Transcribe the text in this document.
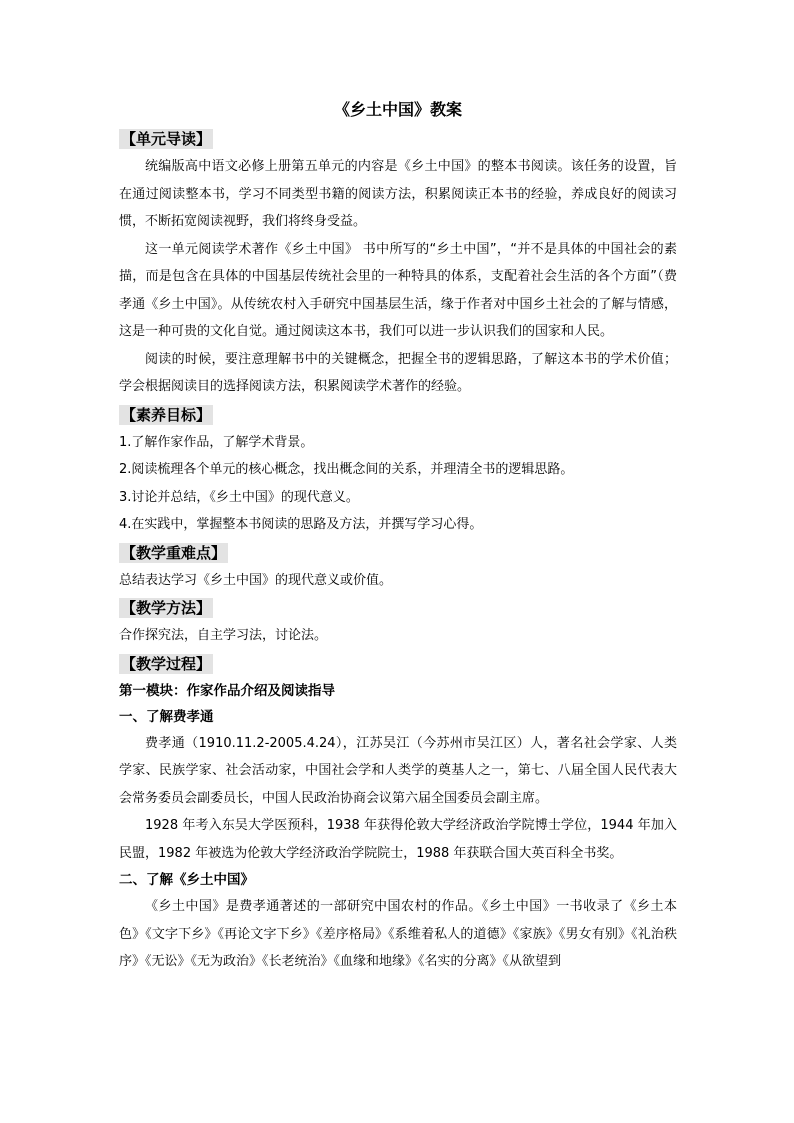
《乡土中国》教案
【单元导读】

统编版高中语文必修上册第五单元的内容是《乡土中国》的整本书阅读。该任务的设置，旨在通过阅读整本书，学习不同类型书籍的阅读方法，积累阅读正本书的经验，养成良好的阅读习惯，不断拓宽阅读视野，我们将终身受益。

这一单元阅读学术著作《乡土中国》 书中所写的“乡土中国”，“并不是具体的中国社会的素描，而是包含在具体的中国基层传统社会里的一种特具的体系，支配着社会生活的各个方面”（费孝通《乡土中国》。从传统农村入手研究中国基层生活，缘于作者对中国乡土社会的了解与情感，这是一种可贵的文化自觉。通过阅读这本书，我们可以进一步认识我们的国家和人民。

阅读的时候，要注意理解书中的关键概念，把握全书的逻辑思路，了解这本书的学术价值；学会根据阅读目的选择阅读方法，积累阅读学术著作的经验。

【素养目标】

1.了解作家作品，了解学术背景。

2.阅读梳理各个单元的核心概念，找出概念间的关系，并理清全书的逻辑思路。

3.讨论并总结，《乡土中国》的现代意义。

4.在实践中，掌握整本书阅读的思路及方法，并撰写学习心得。

【教学重难点】

总结表达学习《乡土中国》的现代意义或价值。

【教学方法】

合作探究法，自主学习法，讨论法。

【教学过程】
第一模块：作家作品介绍及阅读指导
一、了解费孝通

费孝通（1910.11.2-2005.4.24），江苏吴江（今苏州市吴江区）人，著名社会学家、人类学家、民族学家、社会活动家，中国社会学和人类学的奠基人之一，第七、八届全国人民代表大会常务委员会副委员长，中国人民政治协商会议第六届全国委员会副主席。

1928 年考入东吴大学医预科，1938 年获得伦敦大学经济政治学院博士学位，1944 年加入民盟，1982 年被选为伦敦大学经济政治学院院士，1988 年获联合国大英百科全书奖。

二、了解《乡土中国》

《乡土中国》是费孝通著述的一部研究中国农村的作品。《乡土中国》一书收录了《乡土本色》《文字下乡》《再论文字下乡》《差序格局》《系维着私人的道德》《家族》《男女有别》《礼治秩序》《无讼》《无为政治》《长老统治》《血缘和地缘》《名实的分离》《从欲望到
